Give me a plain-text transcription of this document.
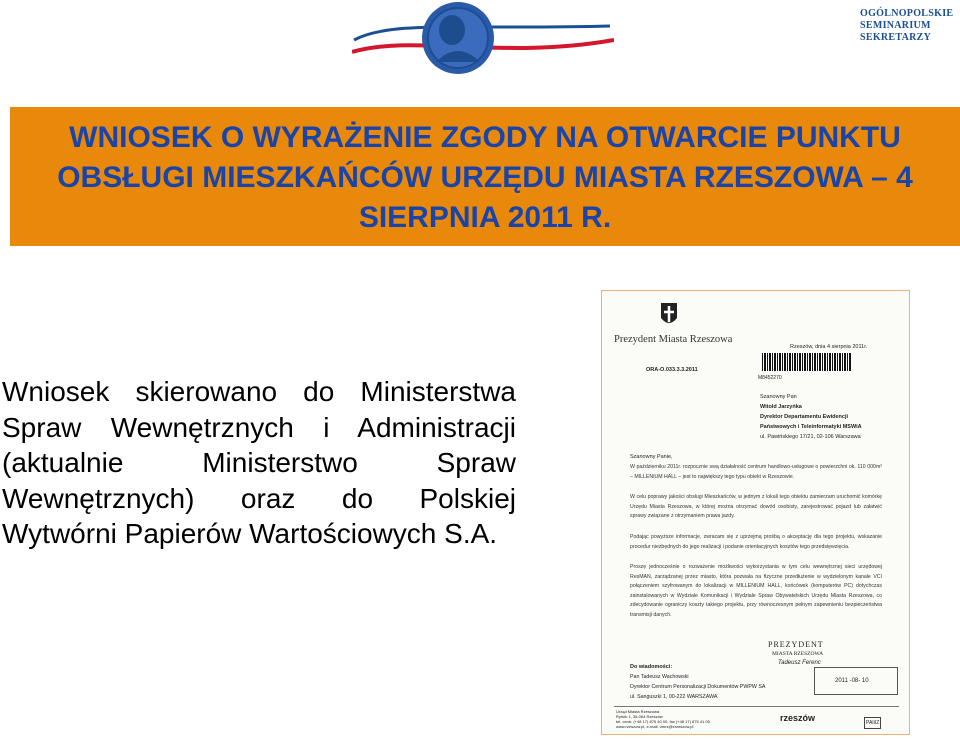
OGÓLNOPOLSKIE
SEMINARIUM
SEKRETARZY
WNIOSEK O WYRAŻENIE ZGODY NA OTWARCIE PUNKTU OBSŁUGI MIESZKAŃCÓW URZĘDU MIASTA RZESZOWA – 4 SIERPNIA 2011 R.
Wniosek skierowano do Ministerstwa Spraw Wewnętrznych i Administracji (aktualnie Ministerstwo Spraw Wewnętrznych) oraz do Polskiej Wytwórni Papierów Wartościowych S.A.
Prezydent Miasta Rzeszowa
Rzeszów, dnia 4 sierpnia 2011r.
ORA-O.033.3.3.2011
M8452270
Szanowny Pan
Witold Jarzyńka
Dyrektor Departamentu Ewidencji
Państwowych i Teleinformatyki MSWiA
ul. Pawińskiego 17/21, 02-106 Warszawa
Szanowny Panie,
W październiku 2011r. rozpocznie swą działalność centrum handlowo-usługowe o powierzchni ok. 110 000m² – MILLENIUM HALL – jest to największy tego typu obiekt w Rzeszowie.
W celu poprawy jakości obsługi Mieszkańców, w jednym z lokali tego obiektu zamierzam uruchomić komórkę Urzędu Miasta Rzeszowa, w której można otrzymać dowód osobisty, zarejestrować pojazd lub załatwić sprawy związane z otrzymaniem prawa jazdy.
Podając powyższe informacje, zwracam się z uprzejmą prośbą o akceptację dla tego projektu, wskazanie procedur niezbędnych do jego realizacji i podanie orientacyjnych kosztów tego przedsięwzięcia.
Proszę jednocześnie o rozważenie możliwości wykorzystania w tym celu wewnętrznej sieci urzędowej ResMAN, zarządzanej przez miasto, która pozwala na fizyczne przedłużenie w wydzielonym kanale VCI połączeniem szyfrowanym do lokalizacji w MILLENIUM HALL, końcówek (komputerów PC) dotychczas zainstalowanych w Wydziale Komunikacji i Wydziale Spraw Obywatelskich Urzędu Miasta Rzeszowa, co zdecydowanie ograniczy koszty takiego projektu, przy równoczesnym pełnym zapewnieniu bezpieczeństwa transmisji danych.
PREZYDENT
MIASTA RZESZOWA
Tadeusz Ferenc
2011 -08- 10
Do wiadomości:
Pan Tadeusz Wachowski
Dyrektor Centrum Personalizacji Dokumentów PWPW SA
ul. Sanguszki 1, 00-222 WARSZAWA
Urząd Miasta Rzeszowa
Rynek 1, 35-064 Rzeszów
tel. centr. (+48 17) 875 40 00, fax (+48 17) 875 41 05
www.rzeszow.pl, e-mail: umrz@erzeszow.pl
rzeszów	PAIiIZ
